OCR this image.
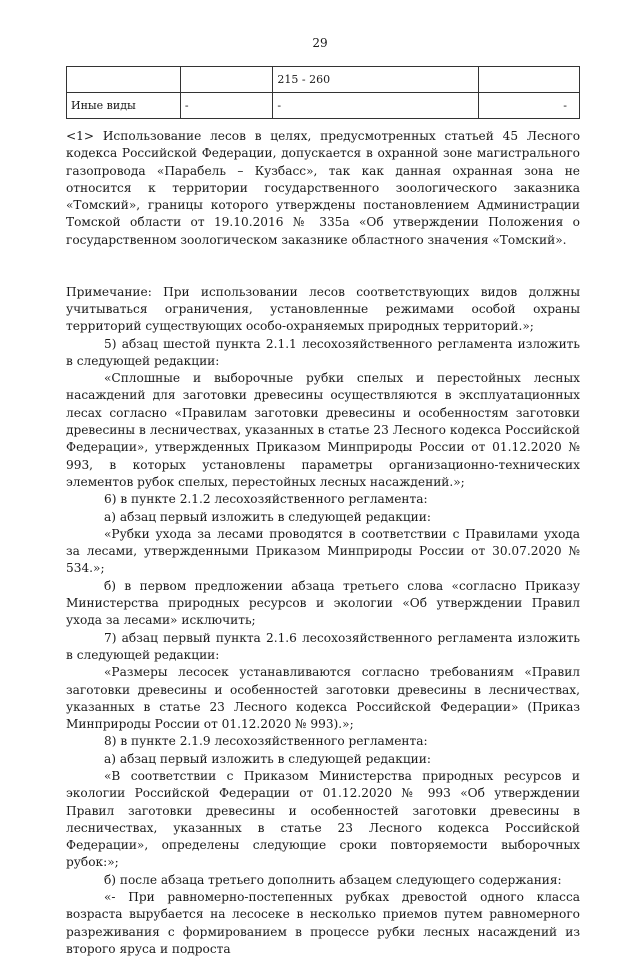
29
		215 - 260	
Иные виды	-	-	-

<1> Использование лесов в целях, предусмотренных статьей 45 Лесного кодекса Российской Федерации, допускается в охранной зоне магистрального газопровода «Парабель – Кузбасс», так как данная охранная зона не относится к территории государственного зоологического заказника «Томский», границы которого утверждены постановлением Администрации Томской области от 19.10.2016 № 335а «Об утверждении Положения о государственном зоологическом заказнике областного значения «Томский».

Примечание: При использовании лесов соответствующих видов должны учитываться ограничения, установленные режимами особой охраны территорий существующих особо-охраняемых природных территорий.»;

5) абзац шестой пункта 2.1.1 лесохозяйственного регламента изложить в следующей редакции:

«Сплошные и выборочные рубки спелых и перестойных лесных насаждений для заготовки древесины осуществляются в эксплуатационных лесах согласно «Правилам заготовки древесины и особенностям заготовки древесины в лесничествах, указанных в статье 23 Лесного кодекса Российской Федерации», утвержденных Приказом Минприроды России от 01.12.2020 № 993, в которых установлены параметры организационно-технических элементов рубок спелых, перестойных лесных насаждений.»;

6) в пункте 2.1.2 лесохозяйственного регламента:

а) абзац первый изложить в следующей редакции:

«Рубки ухода за лесами проводятся в соответствии с Правилами ухода за лесами, утвержденными Приказом Минприроды России от 30.07.2020 № 534.»;

б) в первом предложении абзаца третьего слова «согласно Приказу Министерства природных ресурсов и экологии «Об утверждении Правил ухода за лесами» исключить;

7) абзац первый пункта 2.1.6 лесохозяйственного регламента изложить в следующей редакции:

«Размеры лесосек устанавливаются согласно требованиям «Правил заготовки древесины и особенностей заготовки древесины в лесничествах, указанных в статье 23 Лесного кодекса Российской Федерации» (Приказ Минприроды России от 01.12.2020 № 993).»;

8) в пункте 2.1.9 лесохозяйственного регламента:

а) абзац первый изложить в следующей редакции:

«В соответствии с Приказом Министерства природных ресурсов и экологии Российской Федерации от 01.12.2020 № 993 «Об утверждении Правил заготовки древесины и особенностей заготовки древесины в лесничествах, указанных в статье 23 Лесного кодекса Российской Федерации», определены следующие сроки повторяемости выборочных рубок:»;

б) после абзаца третьего дополнить абзацем следующего содержания:

«- При равномерно-постепенных рубках древостой одного класса возраста вырубается на лесосеке в несколько приемов путем равномерного разреживания с формированием в процессе рубки лесных насаждений из второго яруса и подроста
